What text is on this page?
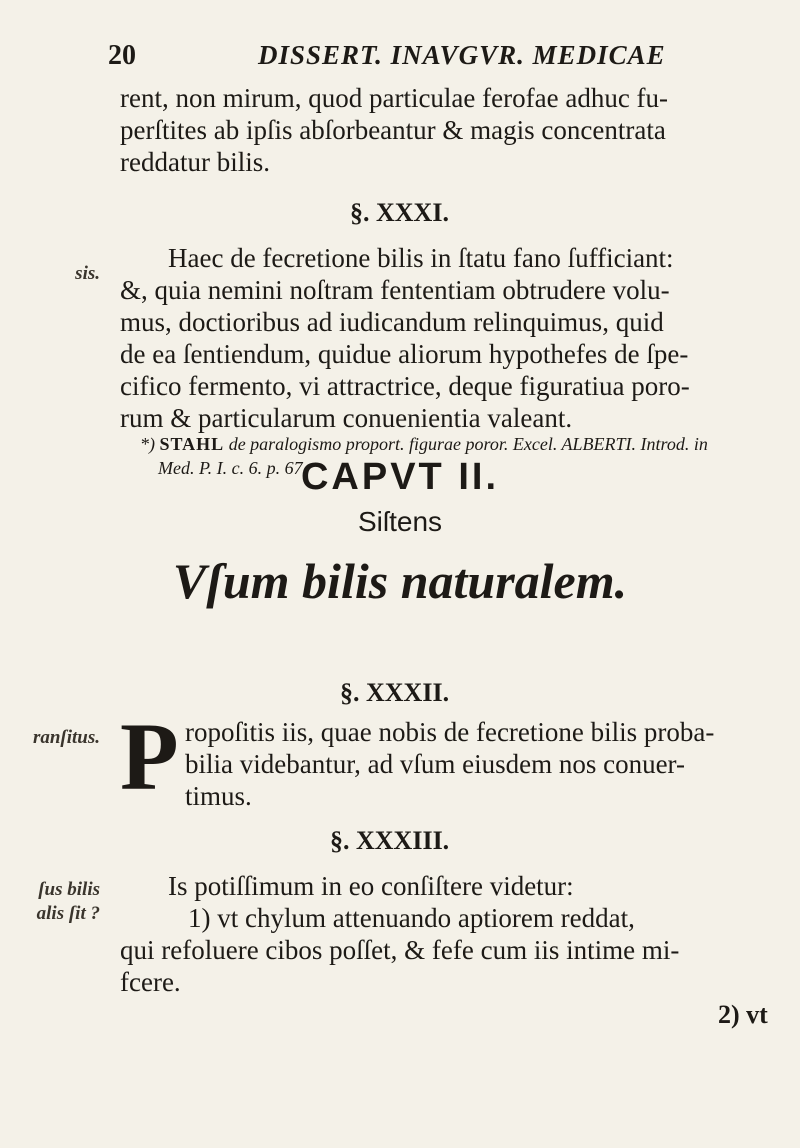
20	DISSERT. INAVGVR. MEDICAE
sis.
ranſitus.
ſus bilis
alis ſit ?
rent, non mirum, quod particulae ferofae adhuc fu-
perſtites ab ipſis abſorbeantur & magis concentrata
reddatur bilis.
§. XXXI.
Haec de fecretione bilis in ſtatu fano ſufficiant:
&, quia nemini noſtram fententiam obtrudere volu-
mus, doctioribus ad iudicandum relinquimus, quid
de ea ſentiendum, quidue aliorum hypothefes de ſpe-
cifico fermento, vi attractrice, deque figuratiua poro-
rum & particularum conuenientia valeant.
*) STAHL de paralogismo proport. figurae poror. Excel. ALBERTI. Introd. in
Med. P. I. c. 6. p. 67.
CAPVT II.
Siſtens
Vſum bilis naturalem.
§. XXXII.
P ropoſitis iis, quae nobis de fecretione bilis proba-
bilia videbantur, ad vſum eiusdem nos conuer-
timus.
§. XXXIII.
Is potiſſimum in eo conſiſtere videtur:
1) vt chylum attenuando aptiorem reddat,
qui refoluere cibos poſſet, & fefe cum iis intime mi-
fcere.
2) vt
